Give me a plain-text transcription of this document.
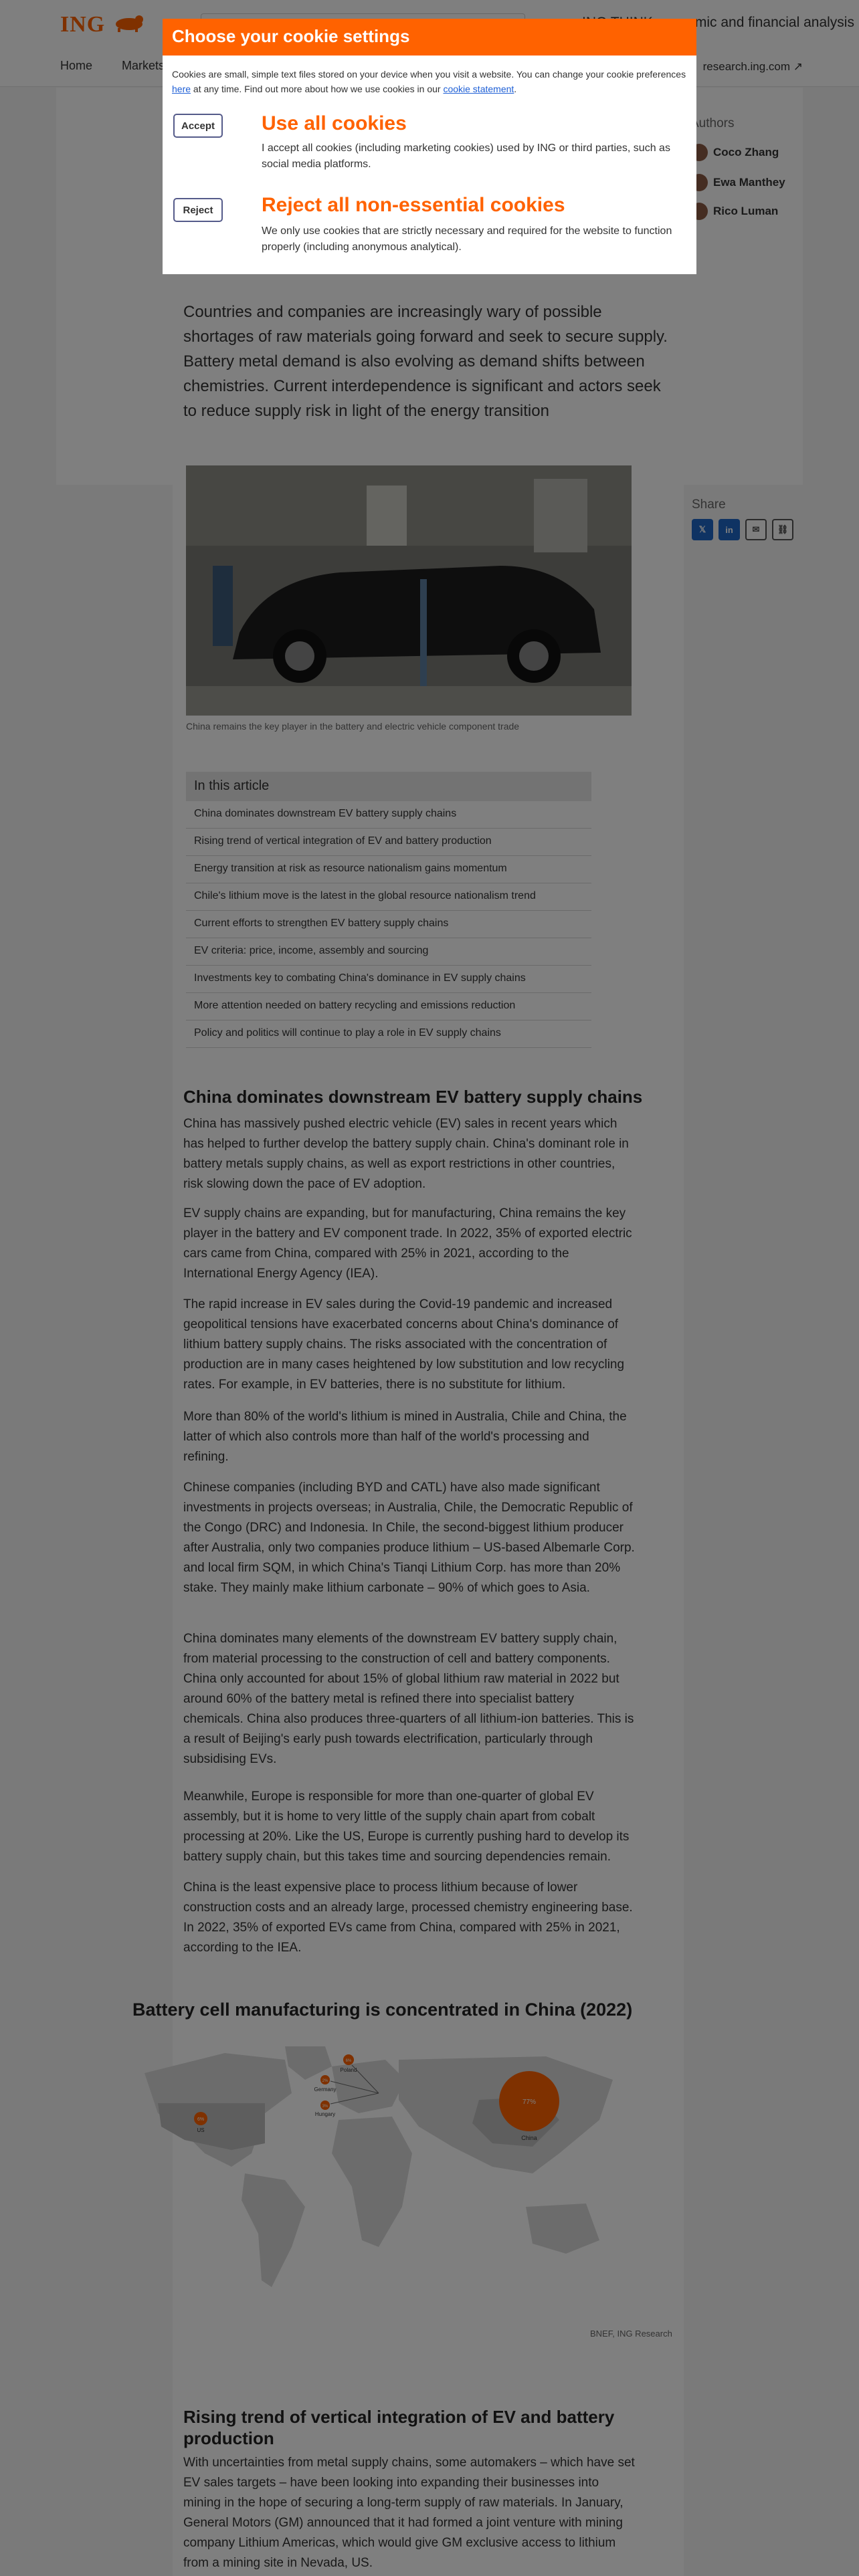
Choose your cookie settings
Cookies are small, simple text files stored on your device when you visit a website. You can change your cookie preferences here at any time. Find out more about how we use cookies in our cookie statement.
Accept	Use all cookies
I accept all cookies (including marketing cookies) used by ING or third parties, such as social media platforms.
Reject	Reject all non-essential cookies
We only use cookies that are strictly necessary and required for the website to function properly (including anonymous analytical).
